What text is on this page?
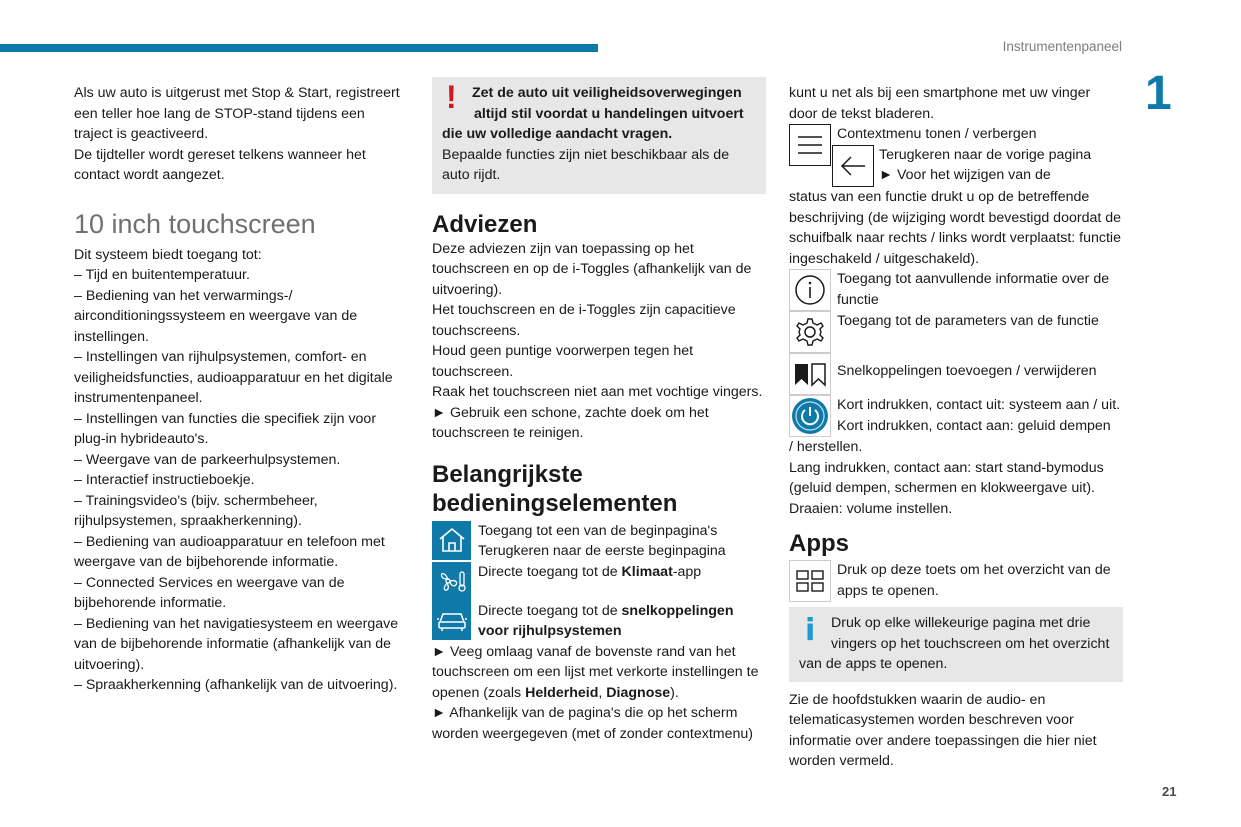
Instrumentenpaneel
1
21

Als uw auto is uitgerust met Stop & Start, registreert

een teller hoe lang de STOP-stand tijdens een

traject is geactiveerd.

De tijdteller wordt gereset telkens wanneer het

contact wordt aangezet.

10 inch touchscreen

Dit systeem biedt toegang tot:

– Tijd en buitentemperatuur.

– Bediening van het verwarmings-/

airconditioningssysteem en weergave van de

instellingen.

– Instellingen van rijhulpsystemen, comfort- en

veiligheidsfuncties, audioapparatuur en het digitale

instrumentenpaneel.

– Instellingen van functies die specifiek zijn voor

plug-in hybrideauto's.

– Weergave van de parkeerhulpsystemen.

– Interactief instructieboekje.

– Trainingsvideo's (bijv. schermbeheer,

rijhulpsystemen, spraakherkenning).

– Bediening van audioapparatuur en telefoon met

weergave van de bijbehorende informatie.

– Connected Services en weergave van de

bijbehorende informatie.

– Bediening van het navigatiesysteem en weergave

van de bijbehorende informatie (afhankelijk van de

uitvoering).

– Spraakherkenning (afhankelijk van de uitvoering).

!	Zet de auto uit veiligheidsoverwegingen

altijd stil voordat u handelingen uitvoert

die uw volledige aandacht vragen.

Bepaalde functies zijn niet beschikbaar als de

auto rijdt.

Adviezen

Deze adviezen zijn van toepassing op het

touchscreen en op de i-Toggles (afhankelijk van de

uitvoering).

Het touchscreen en de i-Toggles zijn capacitieve

touchscreens.

Houd geen puntige voorwerpen tegen het

touchscreen.

Raak het touchscreen niet aan met vochtige vingers.

► Gebruik een schone, zachte doek om het

touchscreen te reinigen.

Belangrijkste
bedieningselementen

Toegang tot een van de beginpagina's

Terugkeren naar de eerste beginpagina

Directe toegang tot de Klimaat-app

Directe toegang tot de snelkoppelingen

voor rijhulpsystemen

► Veeg omlaag vanaf de bovenste rand van het

touchscreen om een lijst met verkorte instellingen te

openen (zoals Helderheid, Diagnose).

► Afhankelijk van de pagina's die op het scherm

worden weergegeven (met of zonder contextmenu)

kunt u net als bij een smartphone met uw vinger

door de tekst bladeren.

Contextmenu tonen / verbergen

Terugkeren naar de vorige pagina

► Voor het wijzigen van de

status van een functie drukt u op de betreffende

beschrijving (de wijziging wordt bevestigd doordat de

schuifbalk naar rechts / links wordt verplaatst: functie

ingeschakeld / uitgeschakeld).

Toegang tot aanvullende informatie over de

functie

Toegang tot de parameters van de functie

Snelkoppelingen toevoegen / verwijderen

Kort indrukken, contact uit: systeem aan / uit.

Kort indrukken, contact aan: geluid dempen

/ herstellen.

Lang indrukken, contact aan: start stand-bymodus

(geluid dempen, schermen en klokweergave uit).

Draaien: volume instellen.

Apps

Druk op deze toets om het overzicht van de

apps te openen.

i	Druk op elke willekeurige pagina met drie

vingers op het touchscreen om het overzicht

van de apps te openen.

Zie de hoofdstukken waarin de audio- en

telematicasystemen worden beschreven voor

informatie over andere toepassingen die hier niet

worden vermeld.
